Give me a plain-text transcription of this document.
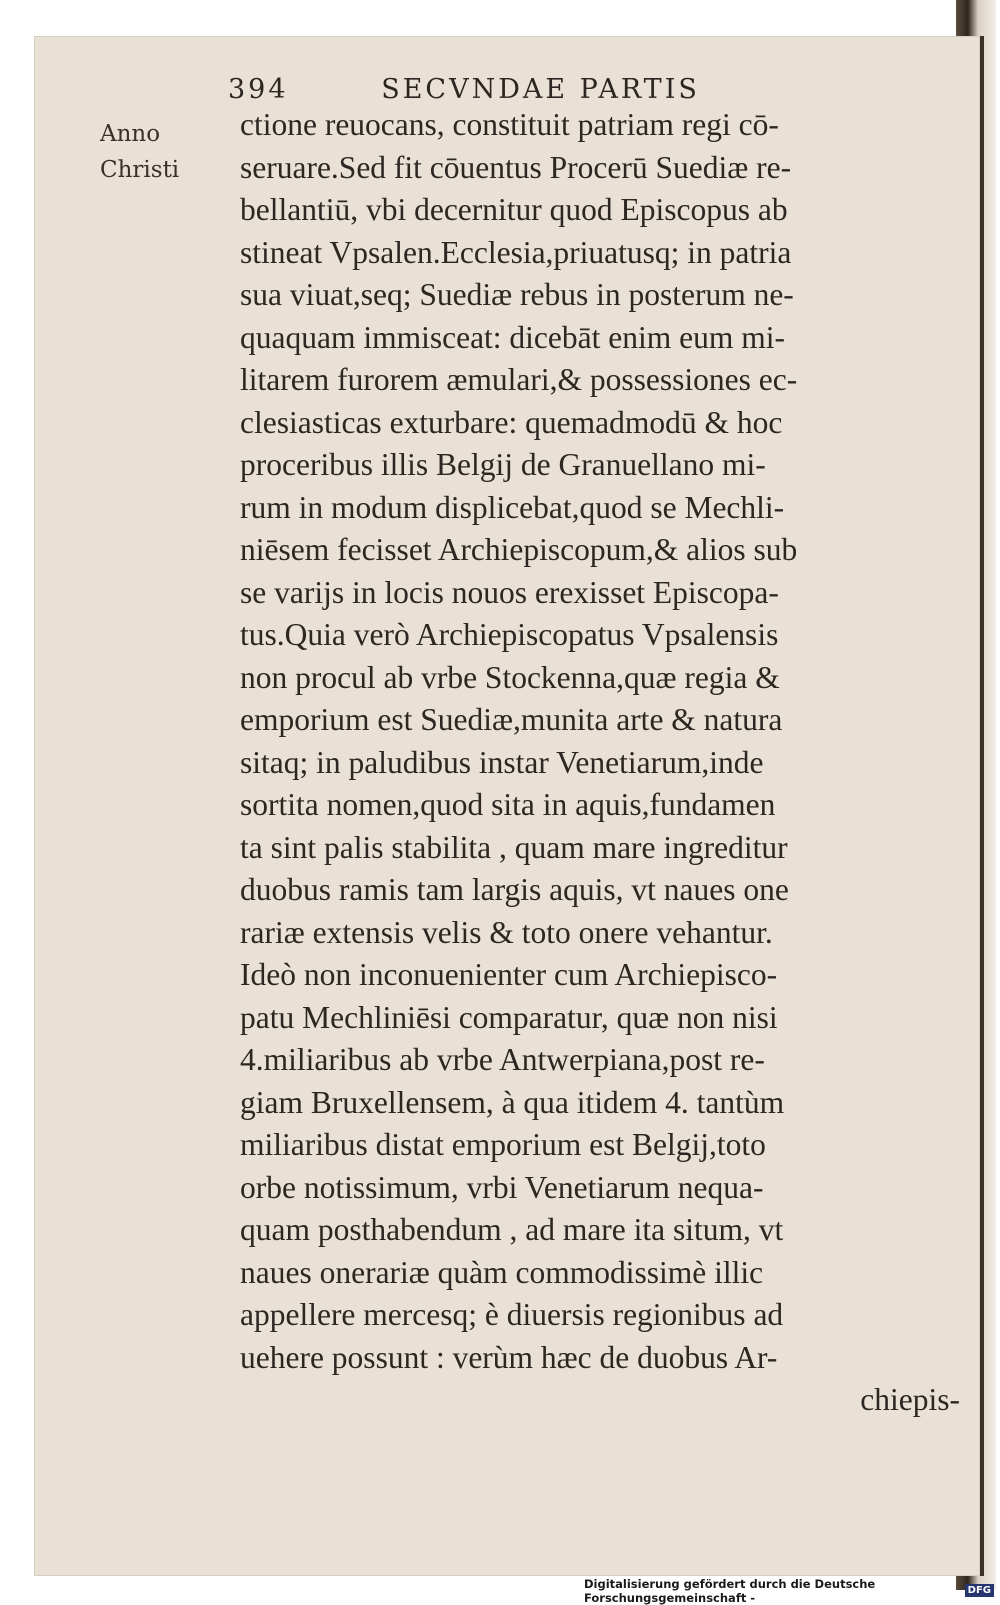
394	SECVNDAE PARTIS
Anno
Christi
ctione reuocans, constituit patriam regi cō-
seruare.Sed fit cōuentus Procerū Suediæ re-
bellantiū, vbi decernitur quod Episcopus ab
stineat Vpsalen.Ecclesia,priuatusq; in patria
sua viuat,seq; Suediæ rebus in posterum ne-
quaquam immisceat: dicebāt enim eum mi-
litarem furorem æmulari,& possessiones ec-
clesiasticas exturbare: quemadmodū & hoc
proceribus illis Belgij de Granuellano mi-
rum in modum displicebat,quod se Mechli-
niēsem fecisset Archiepiscopum,& alios sub
se varijs in locis nouos erexisset Episcopa-
tus.Quia verò Archiepiscopatus Vpsalensis
non procul ab vrbe Stockenna,quæ regia &
emporium est Suediæ,munita arte & natura
sitaq; in paludibus instar Venetiarum,inde
sortita nomen,quod sita in aquis,fundamen
ta sint palis stabilita , quam mare ingreditur
duobus ramis tam largis aquis, vt naues one
rariæ extensis velis & toto onere vehantur.
Ideò non inconuenienter cum Archiepisco-
patu Mechliniēsi comparatur, quæ non nisi
4.miliaribus ab vrbe Antwerpiana,post re-
giam Bruxellensem, à qua itidem 4. tantùm
miliaribus distat emporium est Belgij,toto
orbe notissimum, vrbi Venetiarum nequa-
quam posthabendum , ad mare ita situm, vt
naues onerariæ quàm commodissimè illic
appellere mercesq; è diuersis regionibus ad
uehere possunt : verùm hæc de duobus Ar-
chiepis-
Digitalisierung gefördert durch die Deutsche Forschungsgemeinschaft -	DFG
